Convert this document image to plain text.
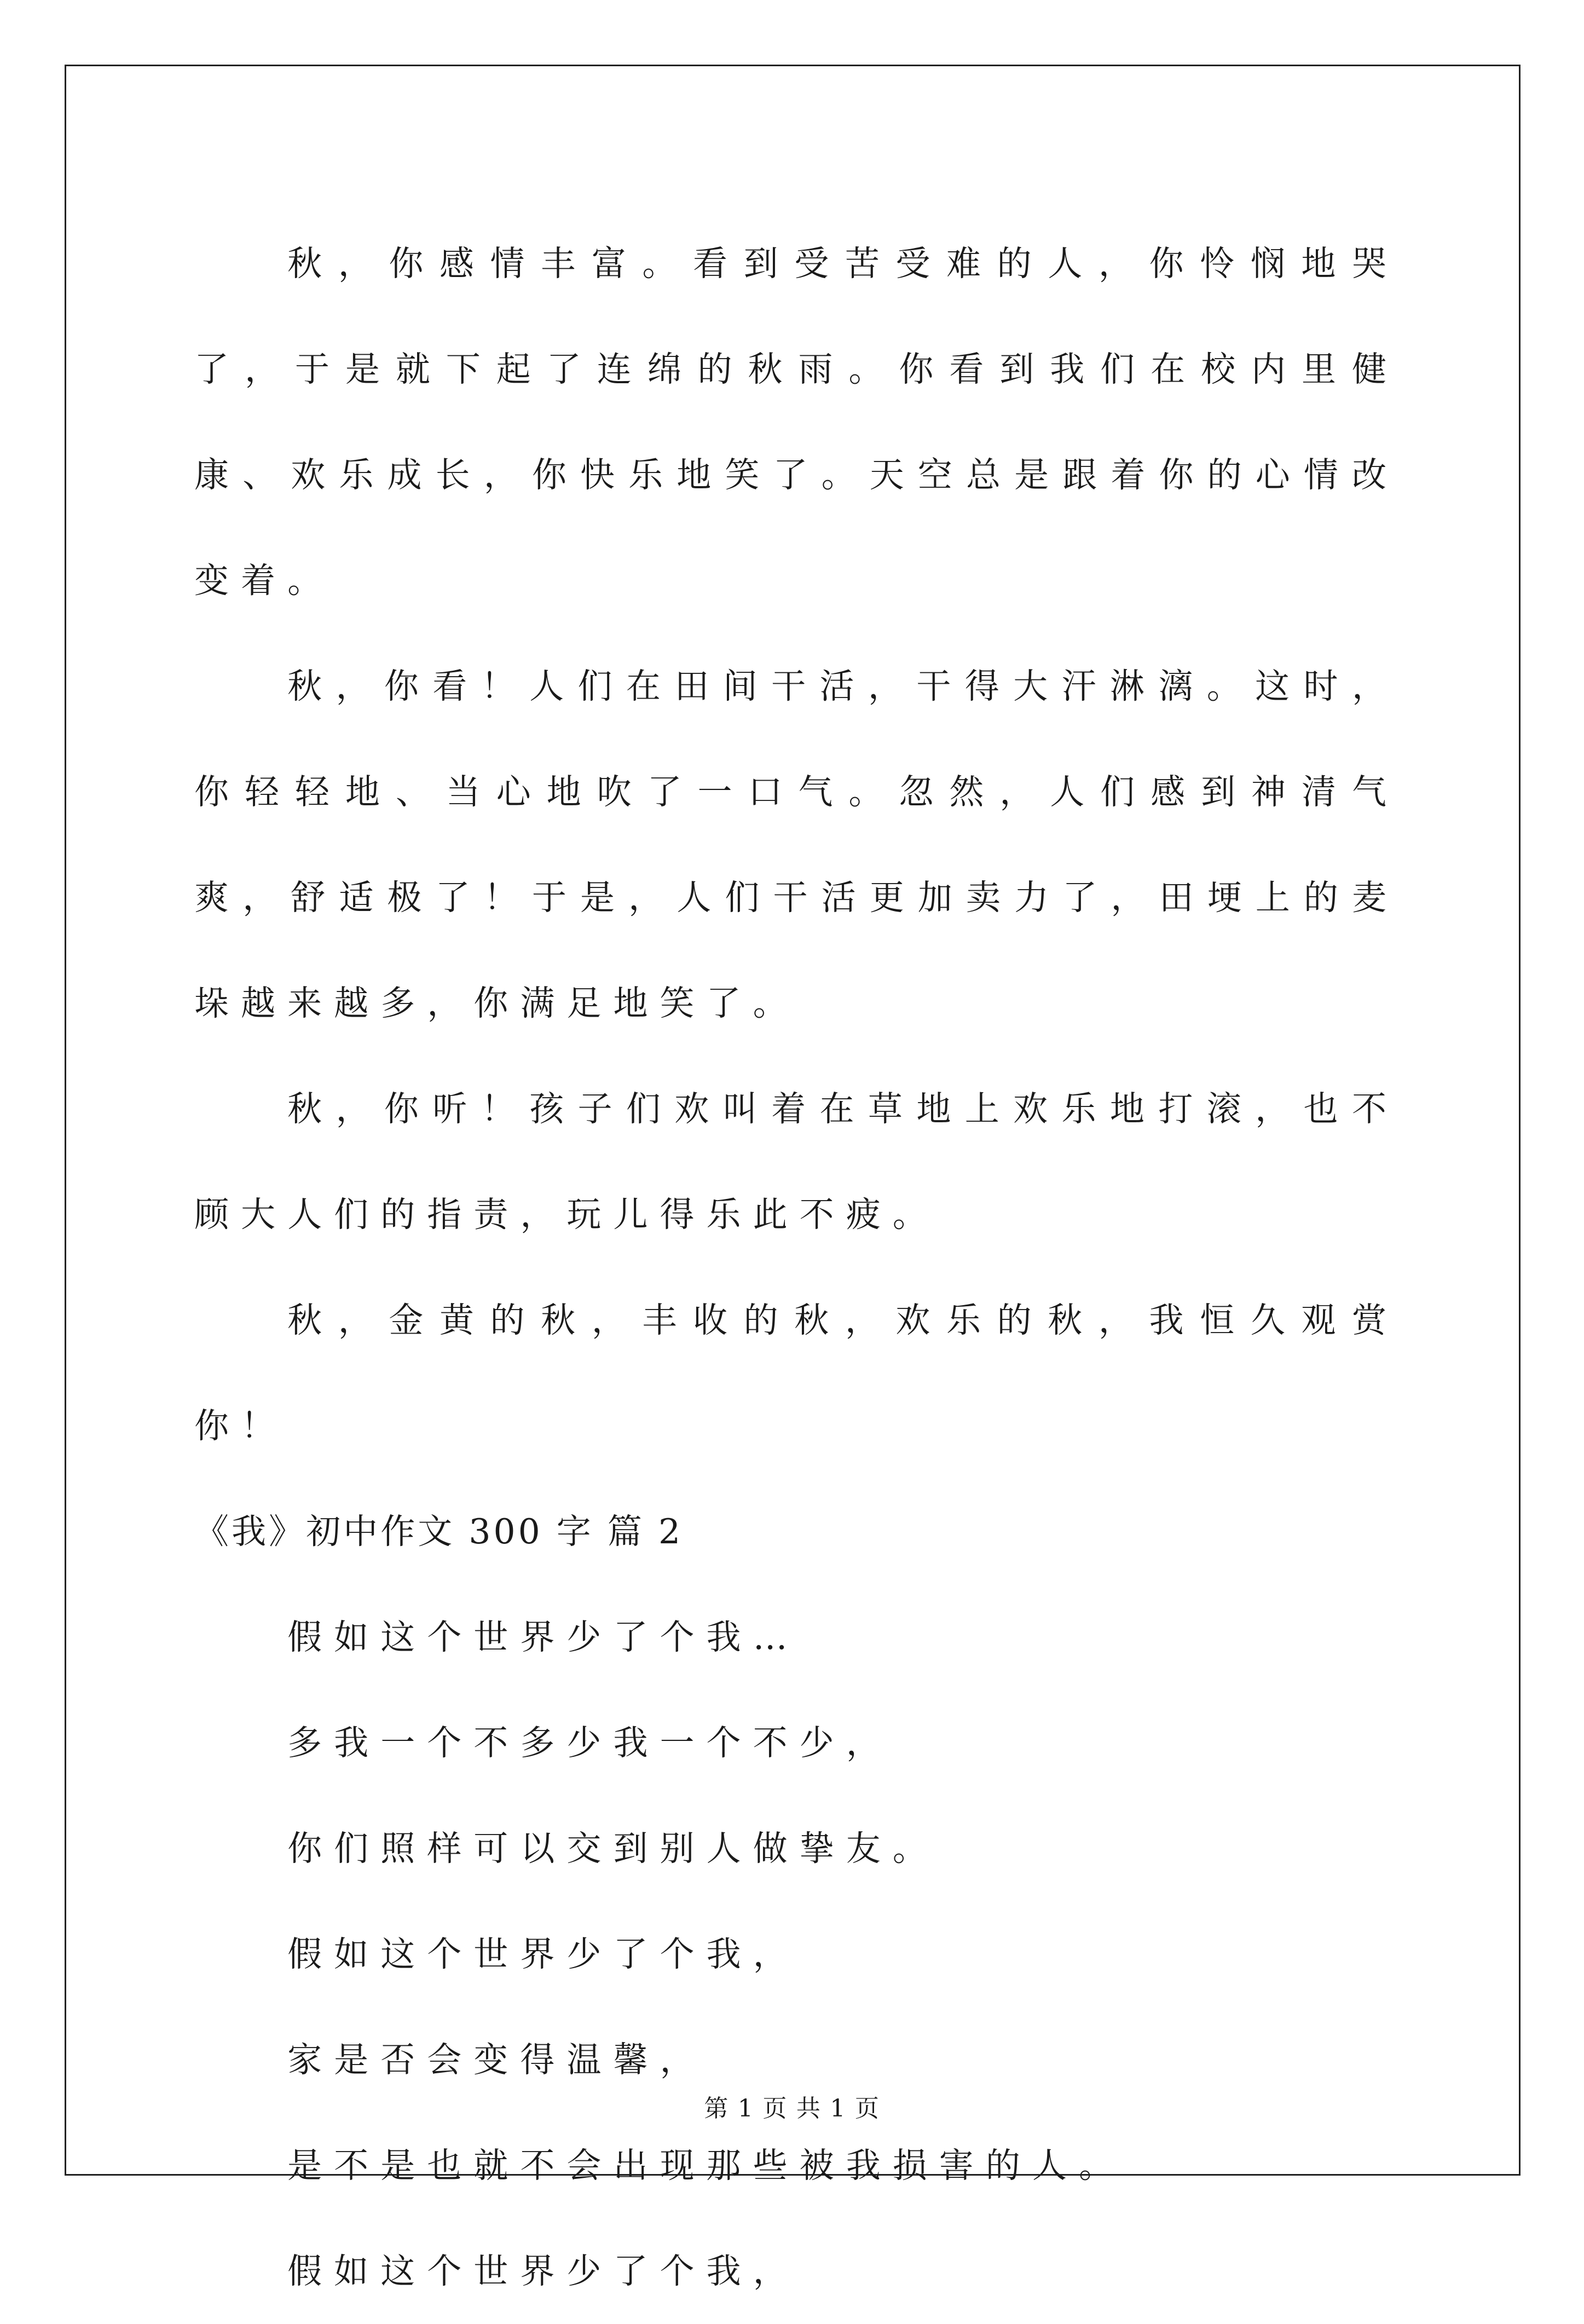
秋，你感情丰富。看到受苦受难的人，你怜悯地哭了，于是就下起了连绵的秋雨。你看到我们在校内里健康、欢乐成长，你快乐地笑了。天空总是跟着你的心情改变着。

秋，你看！人们在田间干活，干得大汗淋漓。这时，你轻轻地、当心地吹了一口气。忽然，人们感到神清气爽，舒适极了！于是，人们干活更加卖力了，田埂上的麦垛越来越多，你满足地笑了。

秋，你听！孩子们欢叫着在草地上欢乐地打滚，也不顾大人们的指责，玩儿得乐此不疲。

秋，金黄的秋，丰收的秋，欢乐的秋，我恒久观赏你！

《我》初中作文 300 字 篇 2

假如这个世界少了个我…

多我一个不多少我一个不少，

你们照样可以交到别人做挚友。

假如这个世界少了个我，

家是否会变得温馨，

是不是也就不会出现那些被我损害的人。

假如这个世界少了个我，

第 1 页 共 1 页
